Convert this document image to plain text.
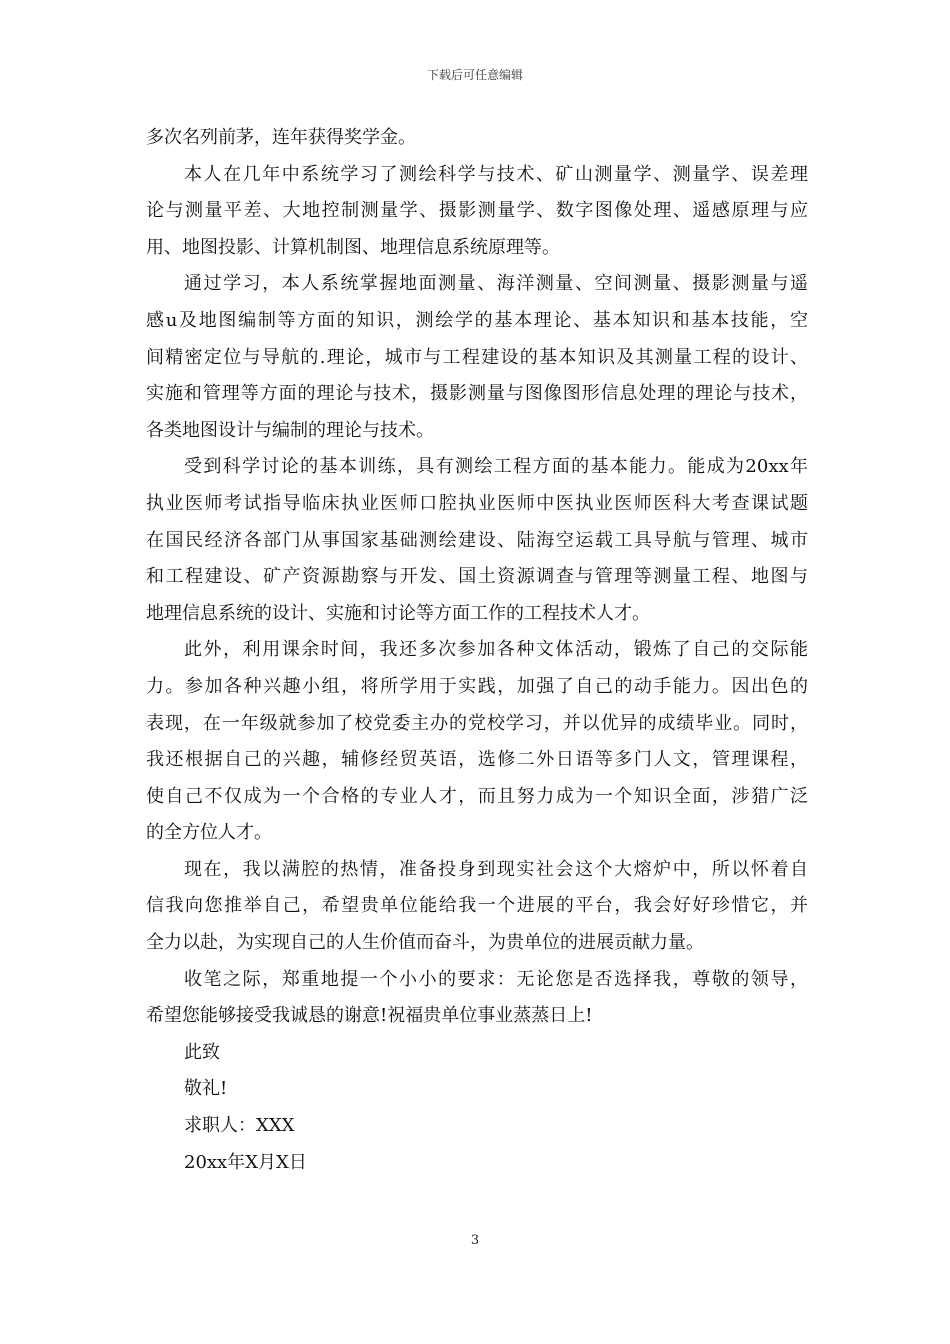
下载后可任意编辑
多次名列前茅，连年获得奖学金。
本人在几年中系统学习了测绘科学与技术、矿山测量学、测量学、误差理
论与测量平差、大地控制测量学、摄影测量学、数字图像处理、遥感原理与应
用、地图投影、计算机制图、地理信息系统原理等。
通过学习，本人系统掌握地面测量、海洋测量、空间测量、摄影测量与遥
感u及地图编制等方面的知识，测绘学的基本理论、基本知识和基本技能，空
间精密定位与导航的.理论，城市与工程建设的基本知识及其测量工程的设计、
实施和管理等方面的理论与技术，摄影测量与图像图形信息处理的理论与技术，
各类地图设计与编制的理论与技术。
受到科学讨论的基本训练，具有测绘工程方面的基本能力。能成为20xx年
执业医师考试指导临床执业医师口腔执业医师中医执业医师医科大考查课试题
在国民经济各部门从事国家基础测绘建设、陆海空运载工具导航与管理、城市
和工程建设、矿产资源勘察与开发、国土资源调查与管理等测量工程、地图与
地理信息系统的设计、实施和讨论等方面工作的工程技术人才。
此外，利用课余时间，我还多次参加各种文体活动，锻炼了自己的交际能
力。参加各种兴趣小组，将所学用于实践，加强了自己的动手能力。因出色的
表现，在一年级就参加了校党委主办的党校学习，并以优异的成绩毕业。同时，
我还根据自己的兴趣，辅修经贸英语，选修二外日语等多门人文，管理课程，
使自己不仅成为一个合格的专业人才，而且努力成为一个知识全面，涉猎广泛
的全方位人才。
现在，我以满腔的热情，准备投身到现实社会这个大熔炉中，所以怀着自
信我向您推举自己，希望贵单位能给我一个进展的平台，我会好好珍惜它，并
全力以赴，为实现自己的人生价值而奋斗，为贵单位的进展贡献力量。
收笔之际，郑重地提一个小小的要求：无论您是否选择我，尊敬的领导，
希望您能够接受我诚恳的谢意!祝福贵单位事业蒸蒸日上!
此致
敬礼!
求职人：XXX
20xx年X月X日
3
